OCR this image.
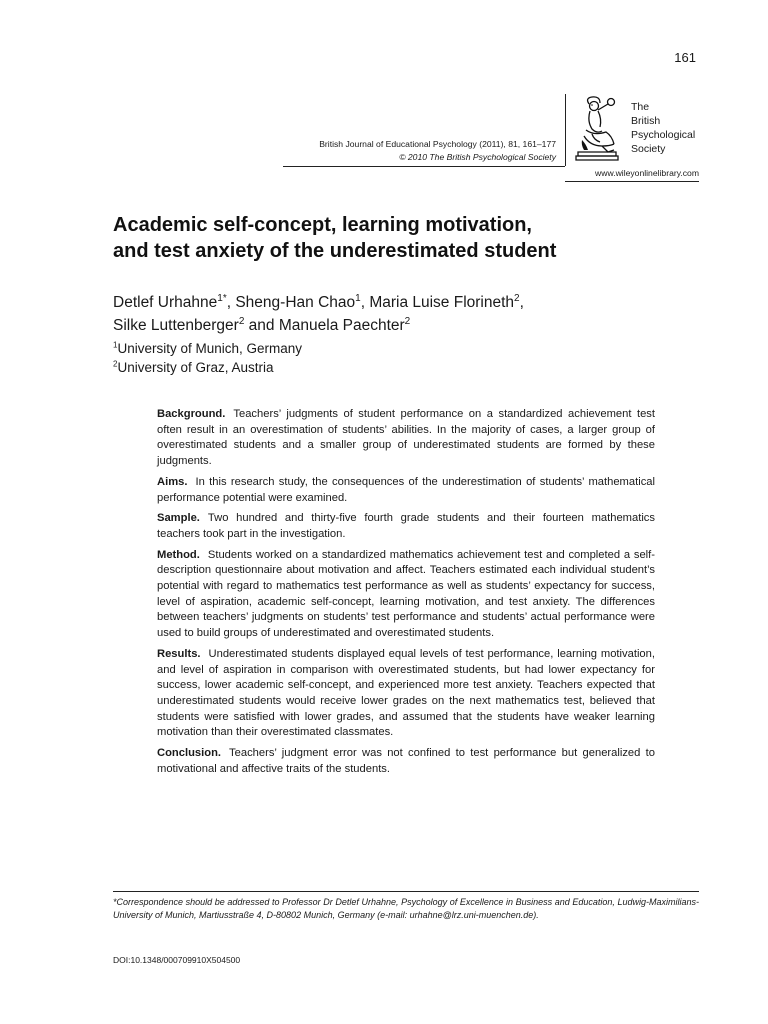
161
British Journal of Educational Psychology (2011), 81, 161–177
© 2010 The British Psychological Society
The
British
Psychological
Society
www.wileyonlinelibrary.com
Academic self-concept, learning motivation,
and test anxiety of the underestimated student
Detlef Urhahne$^{1*}$, Sheng-Han Chao$^1$, Maria Luise Florineth$^2$,
Silke Luttenberger$^2$ and Manuela Paechter$^2$
$^1$University of Munich, Germany
$^2$University of Graz, Austria

Background. Teachers’ judgments of student performance on a standardized achievement test often result in an overestimation of students’ abilities. In the majority of cases, a larger group of overestimated students and a smaller group of underestimated students are formed by these judgments.

Aims. In this research study, the consequences of the underestimation of students’ mathematical performance potential were examined.

Sample. Two hundred and thirty-five fourth grade students and their fourteen mathematics teachers took part in the investigation.

Method. Students worked on a standardized mathematics achievement test and completed a self-description questionnaire about motivation and affect. Teachers estimated each individual student’s potential with regard to mathematics test performance as well as students’ expectancy for success, level of aspiration, academic self-concept, learning motivation, and test anxiety. The differences between teachers’ judgments on students’ test performance and students’ actual performance were used to build groups of underestimated and overestimated students.

Results. Underestimated students displayed equal levels of test performance, learning motivation, and level of aspiration in comparison with overestimated students, but had lower expectancy for success, lower academic self-concept, and experienced more test anxiety. Teachers expected that underestimated students would receive lower grades on the next mathematics test, believed that students were satisfied with lower grades, and assumed that the students have weaker learning motivation than their overestimated classmates.

Conclusion. Teachers’ judgment error was not confined to test performance but generalized to motivational and affective traits of the students.

*Correspondence should be addressed to Professor Dr Detlef Urhahne, Psychology of Excellence in Business and Education, Ludwig-Maximilians-University of Munich, Martiusstraße 4, D-80802 Munich, Germany (e-mail: urhahne@lrz.uni-muenchen.de).
DOI:10.1348/000709910X504500
